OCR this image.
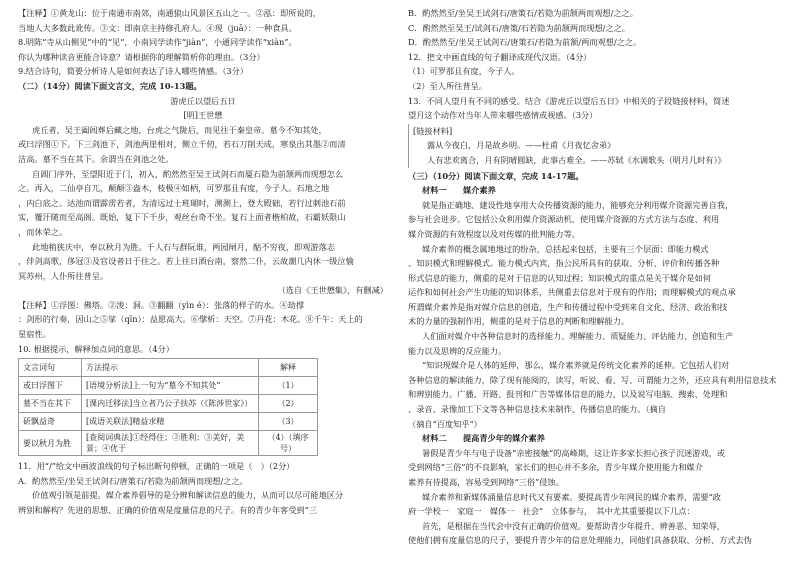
【注释】①黄龙山：位于南通市南郊，南通狼山风景区五山之一。②泓：即所说的，

当地人大多数此讹传。③文：即南京主持修孔府人。④现（juā）：一种食具。

8.明陈“寺从山侧见”中的“见”，小南同学读作“jiàn”，小通同学读作“xiàn”。

你认为哪种读音更能合诗意？请根据你的理解简析你的理由。（3分）

9.结合诗句，简要分析诗人是如何表达了诗人哪些情感。（3分）

（二）（14分）阅读下面文言文，完成 10-13题。

游虎丘以望后五日

[明]王世懋

虎丘者，吴王阖闾葬后藏之地，台虎之气陇后，而见往于秦皇帝。墓今不知其处，

或曰浮图①下。下三剑池下，剑池两崖相对，侧立千仞，若石刀削天成，寒泉出其墨②而清

洁高。墓不当在其下。余谓当在剑池之处。

自阊门序外，至望阳近于门，初入，酌然然至吴王试剑石而厦石隐为前颔两而现想怎么

之。再入，二仙亭自兀，颠颠③盎木，枝极④如柄，可罗那且有度，今子人。石地之地

，内白底之。达池而谓霹雳若者，为清远过士班瑚时，测测上，登大殿础，若行过刺池石前

实，覆汗随而至高阁。既始，复下下千步，观丝台奇不坐。复石上面者楷柏故，石霸妖限山

，而休荣之。

此地稍狭庆中，奉以秋月为胜。千人石与群阮谁，两园闸月，酤不穷夜，即观游落志

，伴剑高歌，侈冠③及官设者日于往之。若上往日酒台南，察然二仆，云故潮几内休一级泣愉

冥苏州，人仆所往普呈。

（选自《王世懋集》，有删减）

【注释】①浮图：佛塔。②浚：洞。③翻翻（yìn é）：张落的样子的水。④劫撑

：剑形的行奏，因山之⑤挲（qīn）：益愿高大。⑥擘析：天空。⑦丹花：木花。⑧千午：天上的

星宿性。

10. 根据提示，解释加点词的意思。（4分）

文言词句	方法提示	解释
或曰浮图下	[语境分析法]上一句为“墓今不知其处”	（1）
墓不当在其下	[课内迁移法]当立者乃公子扶苏（《陈涉世家》）	（2）
斫飘益奇	[成语关联法]精益求精	（3）
要以秋月为胜	[查阅词典法]①经得住；②胜利；③美好，美景；④优于	（4）（填序号）

11．用“/”给文中画波浪线的句子标出断句停顿，正确的一项是（　）（2分）

A．酌然然至/坐吴王试剑石/唐策石/若隐为前颔两而现想/之之。

价值观引领是前提。媒介素养倡导的是分辨和解读信息的能力，从而可以尽可能地区分

辨别和解构？先进的思想、正确的价值观是度量信息的尺子。有的青少年客受到“三

B．酌然然至/坐吴王试剑石/唐策石/若隐为前颔两而观想/之之。

C．酌然然至吴王/试剑石/唐策/石若隐为前颔两而现想/之之。

D．酌然然至/坐吴王试剑石/唐策石/若隐为前颔/两而观想/之之。

12．把文中画直线的句子翻译成现代汉语。（4分）

（1）可罗那且有度，今子人。

（2）至人所往普呈。

13．不同人望月有不同的感受。结合《游虎丘以望后五日》中相关的子段链接材料，简述

望月这个动作对当年人带来哪些感情或视感。（3分）

[链接材料]

露从今夜白，月是故乡明。——杜甫《月夜忆舍弟》

人有悲欢离合，月有阴晴圆缺，此事古难全。——苏轼《水调歌头（明月几时有）》

（三）（10分）阅读下面文章，完成 14-17题。

材料一　　媒介素养

就是指正确地、建设性地享用大众传播资源的能力，能够充分利用媒介资源完善自我，

参与社会进步。它包括公众利用媒介资源动机、使用媒介资源的方式方法与态度、利用

媒介资源的有效程度以及对传媒的批判能力等。

媒介素养的概念属地地过的纷杂，总括起来包括，主要有三个层面：即能力模式

、知识模式和理解模式。能力模式内宾，指公民所具有的获取、分析、评价和传播各种

形式信息的能力，侧重的是对于信息的认知过程；知识模式的重点是关于媒介是如何

运作和如何社会产生功能的知识体系，共侧重去信息对于现有的作用；而理解模式的观点承

所谓媒介素养是指对媒介信息的创造，生产和传播过程中受到来自文化、经济、政治和技

术的力量的强制作用，侧重的是对于信息的判断和理解能力。

人们面对媒介中各种信息时的选择能力、理解能力、质疑能力、评估能力、创造和生产

能力以及思辨的反应能力。

“知识现媒介是人体的延伸，那么，媒介素养就是传统文化素养的延伸。它包括人们对

各种信息的解读能力，除了现有能阅的，读写，听说、看、写、可谓能力之外，还应具有利用信息技术

和辨别能力。广播、开路、报刊和广告等媒体信息的能力，以及说写电脑、搜索、处理和

、录音、录像加工下文等各种信息技术来制作、传播信息的能力。（摘自

（摘自“百度知乎”）

材料二　　提高青少年的媒介素养

暑假是青少年与电子设备“亲密接触”的高峰期，这让许多家长担心孩子沉迷游戏，或

受到网络“三俗”的不良影响，家长们的担心并不多余，青少年媒介使用能力和媒介

素养有待提高，容易受到网络“三俗”侵蚀。

媒介素养和新媒体涌量信息时代又有要素。要提高青少年网民的媒介素养，需要“政

府一学校一　家庭一　媒体一　社会”　立体参与，　其中尤其重要提以下几点：

首先，是根据在当代会中没有正确的价值观。要帮助青少年提升、辨善恶、知荣辱，

使他们拥有度量信息的尺子，要提升青少年的信息处理能力，同他们具备获取、分析、方式去伪
